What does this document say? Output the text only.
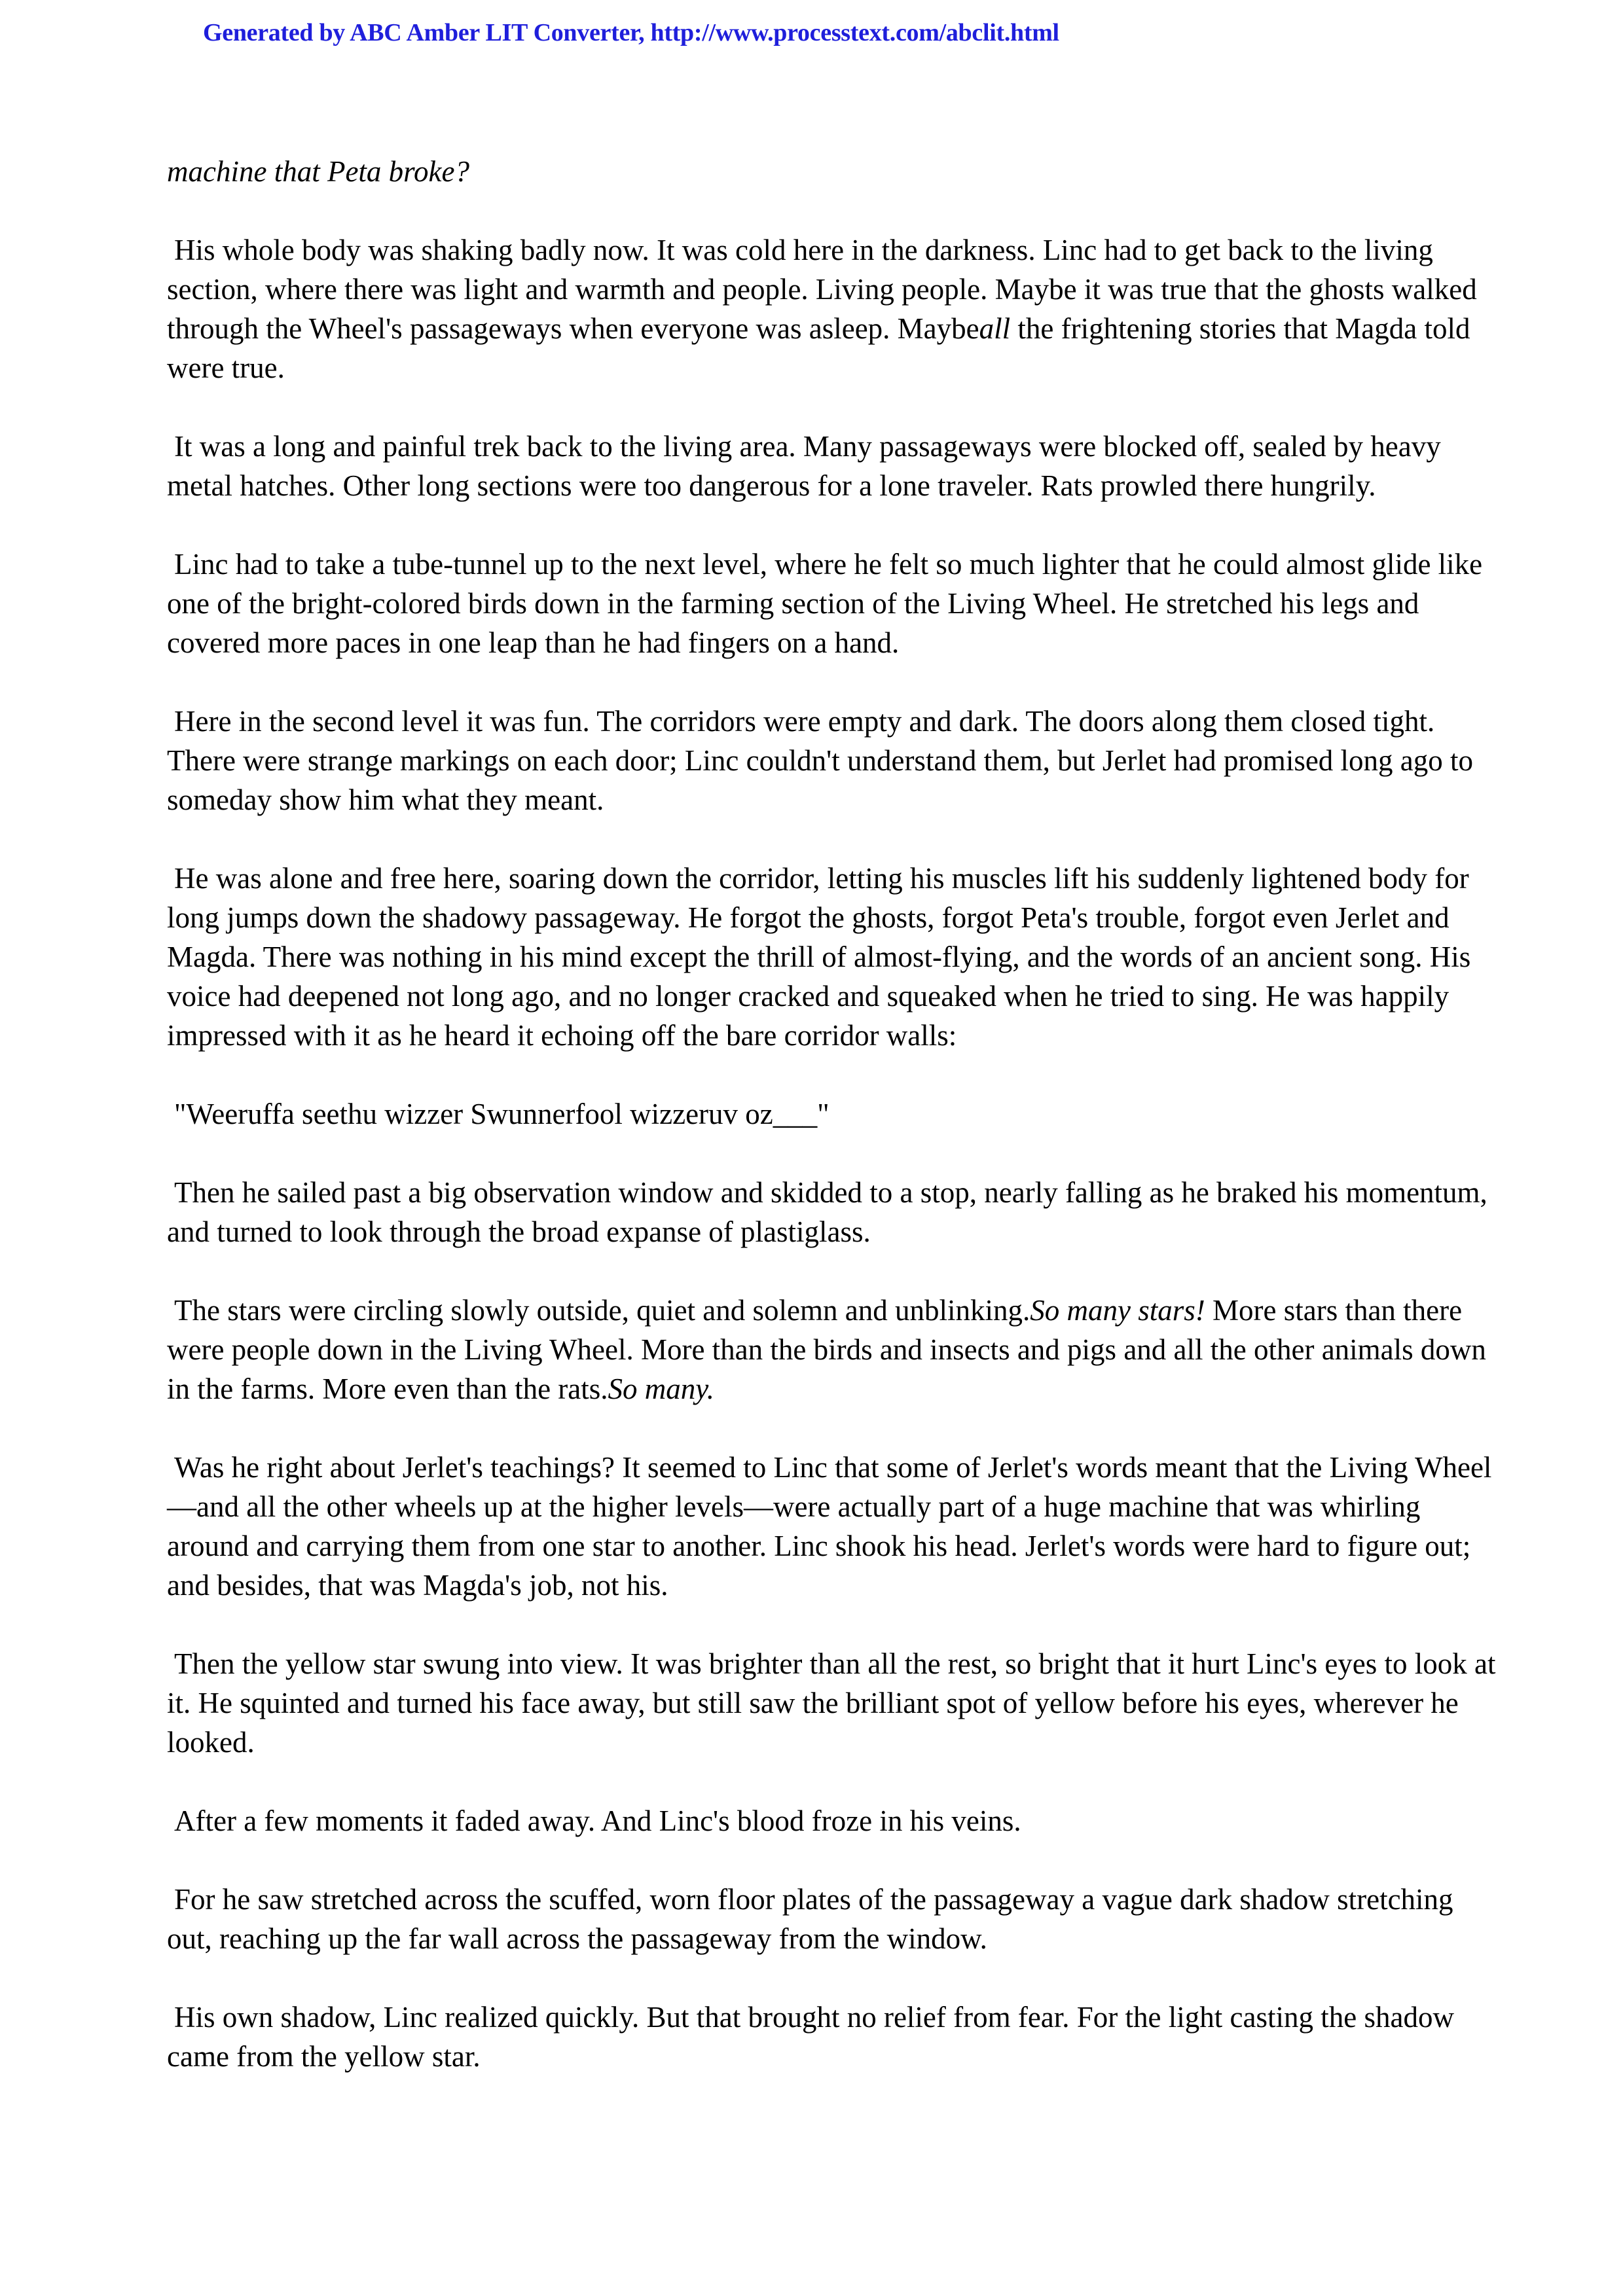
Generated by ABC Amber LIT Converter, http://www.processtext.com/abclit.html
machine that Peta broke?
His whole body was shaking badly now. It was cold here in the darkness. Linc had to get back to the living section, where there was light and warmth and people. Living people. Maybe it was true that the ghosts walked through the Wheel's passageways when everyone was asleep. Maybeall the frightening stories that Magda told were true.
It was a long and painful trek back to the living area. Many passageways were blocked off, sealed by heavy metal hatches. Other long sections were too dangerous for a lone traveler. Rats prowled there hungrily.
Linc had to take a tube-tunnel up to the next level, where he felt so much lighter that he could almost glide like one of the bright-colored birds down in the farming section of the Living Wheel. He stretched his legs and covered more paces in one leap than he had fingers on a hand.
Here in the second level it was fun. The corridors were empty and dark. The doors along them closed tight. There were strange markings on each door; Linc couldn't understand them, but Jerlet had promised long ago to someday show him what they meant.
He was alone and free here, soaring down the corridor, letting his muscles lift his suddenly lightened body for long jumps down the shadowy passageway. He forgot the ghosts, forgot Peta's trouble, forgot even Jerlet and Magda. There was nothing in his mind except the thrill of almost-flying, and the words of an ancient song. His voice had deepened not long ago, and no longer cracked and squeaked when he tried to sing. He was happily impressed with it as he heard it echoing off the bare corridor walls:
"Weeruffa seethu wizzer Swunnerfool wizzeruv oz___"
Then he sailed past a big observation window and skidded to a stop, nearly falling as he braked his momentum, and turned to look through the broad expanse of plastiglass.
The stars were circling slowly outside, quiet and solemn and unblinking.So many stars! More stars than there were people down in the Living Wheel. More than the birds and insects and pigs and all the other animals down in the farms. More even than the rats.So many.
Was he right about Jerlet's teachings? It seemed to Linc that some of Jerlet's words meant that the Living Wheel—and all the other wheels up at the higher levels—were actually part of a huge machine that was whirling around and carrying them from one star to another. Linc shook his head. Jerlet's words were hard to figure out; and besides, that was Magda's job, not his.
Then the yellow star swung into view. It was brighter than all the rest, so bright that it hurt Linc's eyes to look at it. He squinted and turned his face away, but still saw the brilliant spot of yellow before his eyes, wherever he looked.
After a few moments it faded away. And Linc's blood froze in his veins.
For he saw stretched across the scuffed, worn floor plates of the passageway a vague dark shadow stretching out, reaching up the far wall across the passageway from the window.
His own shadow, Linc realized quickly. But that brought no relief from fear. For the light casting the shadow came from the yellow star.
